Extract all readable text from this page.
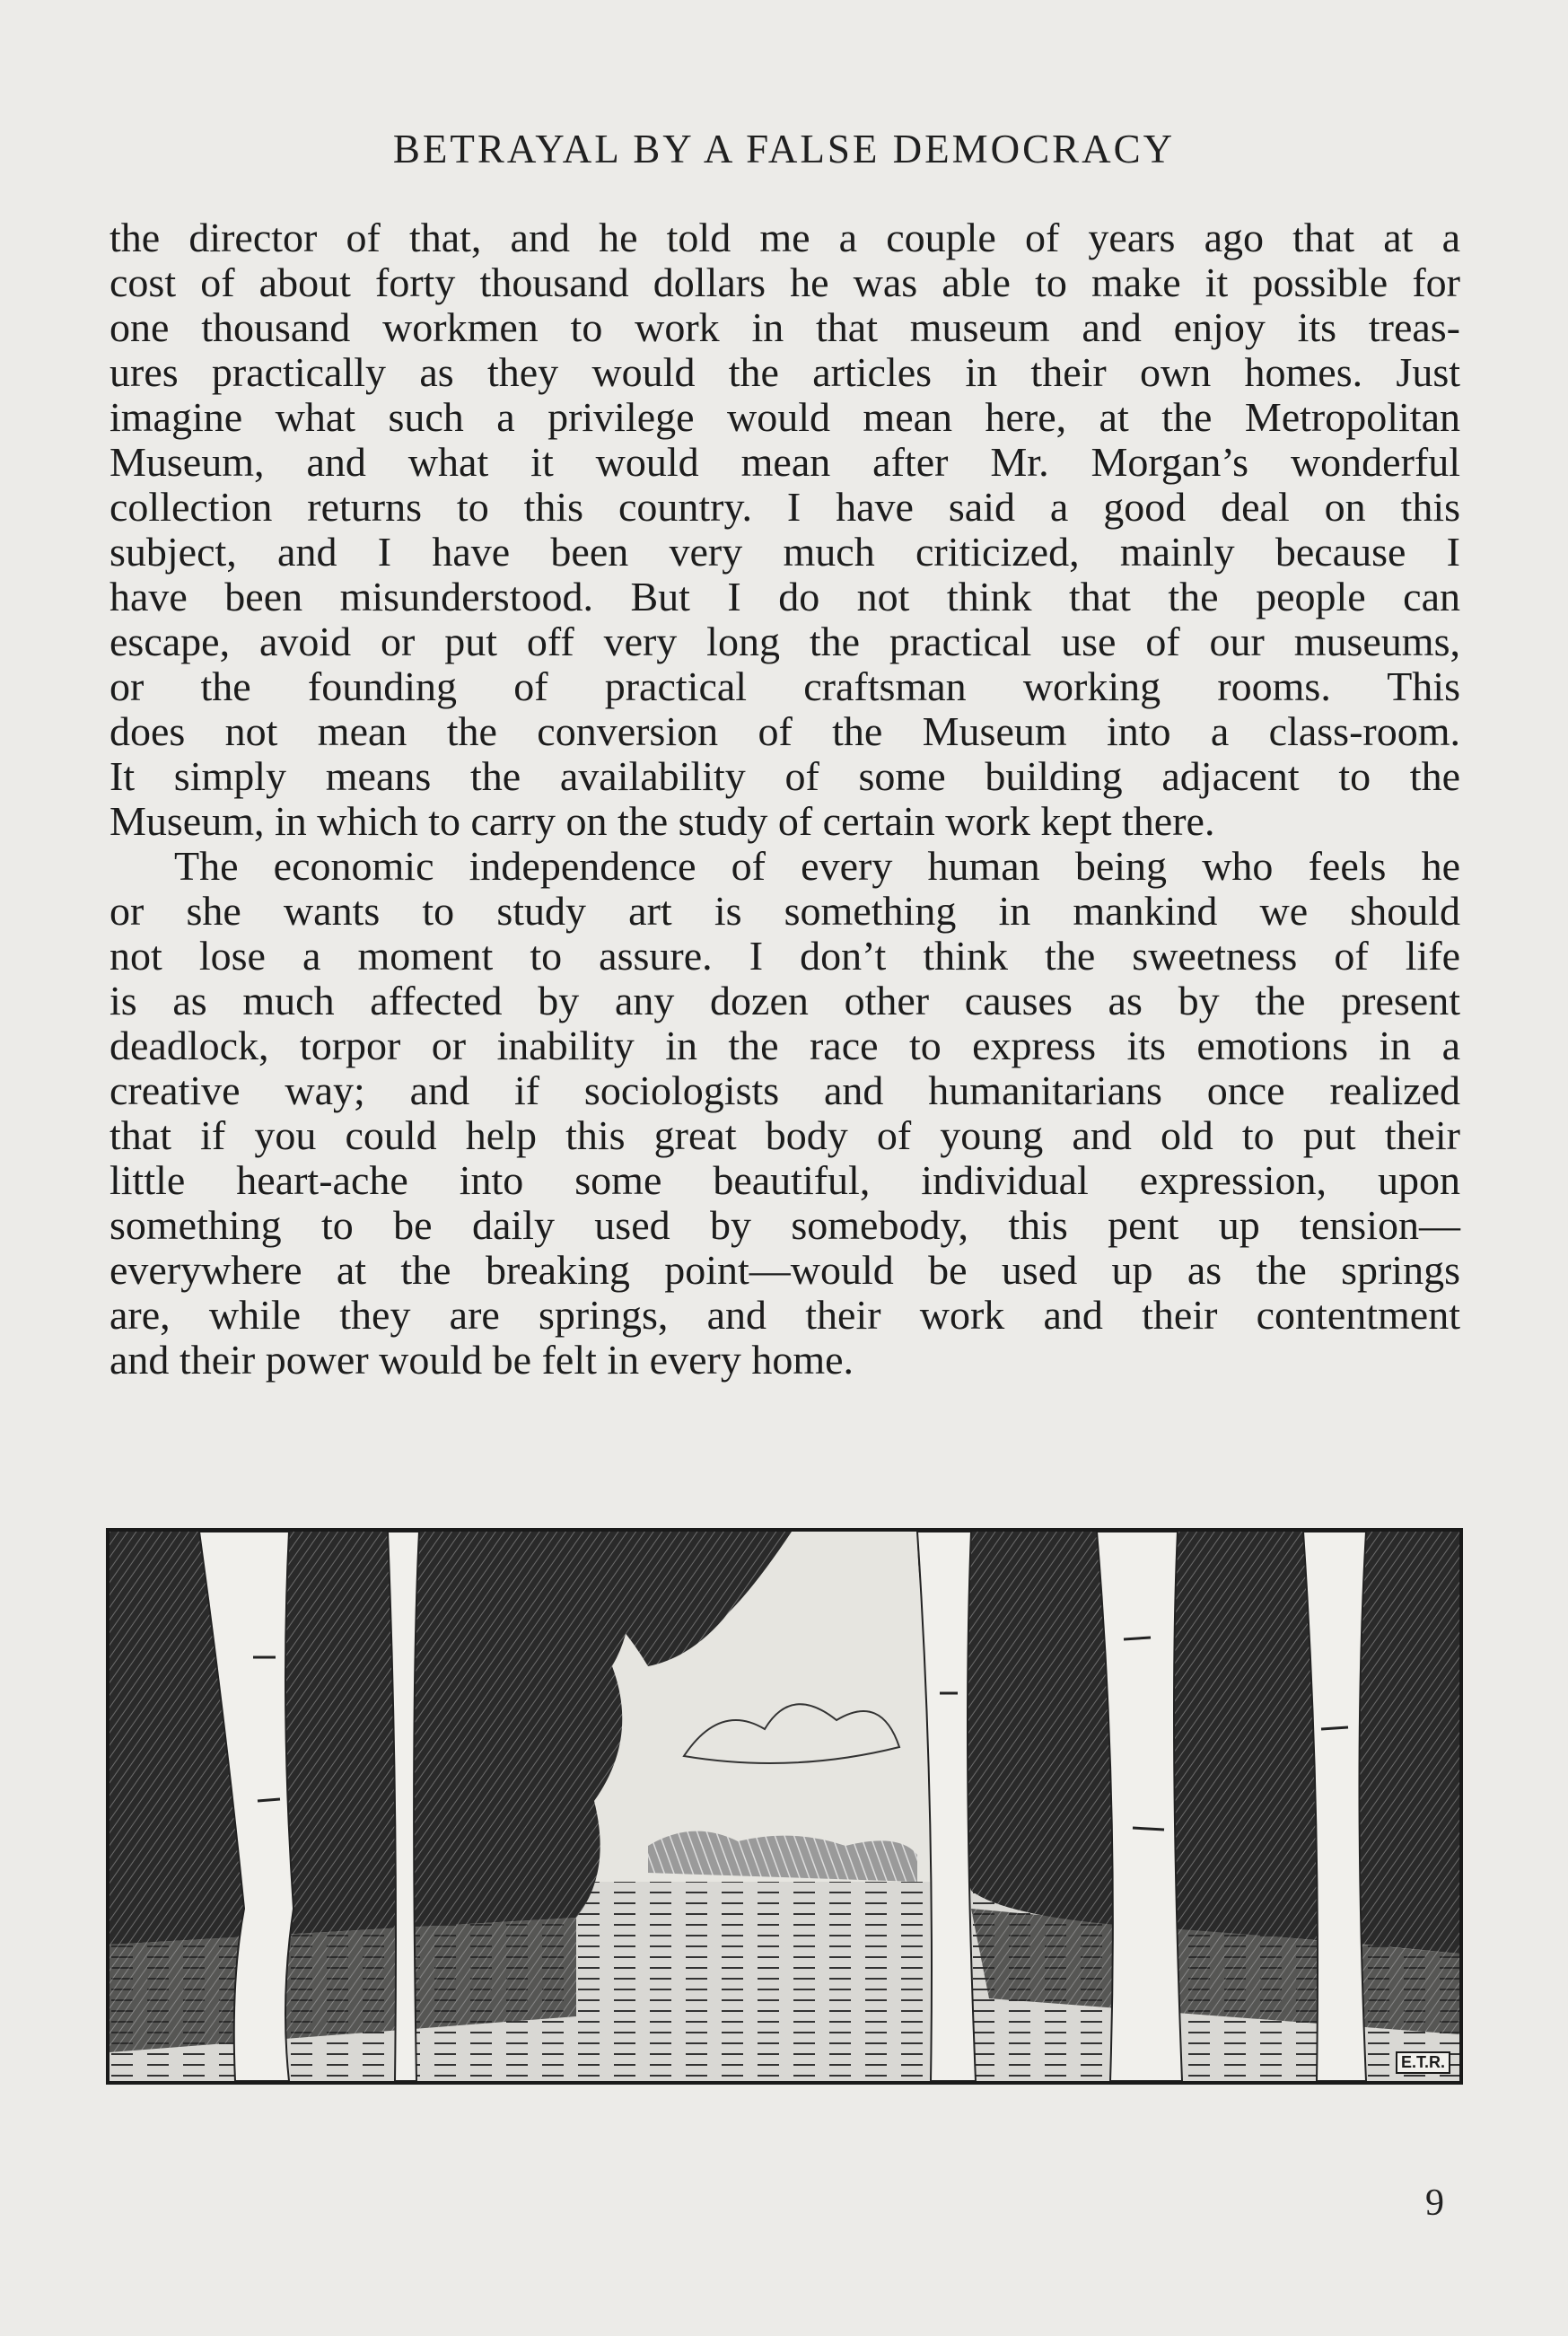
BETRAYAL BY A FALSE DEMOCRACY
the director of that, and he told me a couple of years ago that at a
cost of about forty thousand dollars he was able to make it possible for
one thousand workmen to work in that museum and enjoy its treas-
ures practically as they would the articles in their own homes. Just
imagine what such a privilege would mean here, at the Metropolitan
Museum, and what it would mean after Mr. Morgan’s wonderful
collection returns to this country. I have said a good deal on this
subject, and I have been very much criticized, mainly because I
have been misunderstood. But I do not think that the people can
escape, avoid or put off very long the practical use of our museums,
or the founding of practical craftsman working rooms. This
does not mean the conversion of the Museum into a class-room.
It simply means the availability of some building adjacent to the
Museum, in which to carry on the study of certain work kept there.
The economic independence of every human being who feels he
or she wants to study art is something in mankind we should
not lose a moment to assure. I don’t think the sweetness of life
is as much affected by any dozen other causes as by the present
deadlock, torpor or inability in the race to express its emotions in a
creative way; and if sociologists and humanitarians once realized
that if you could help this great body of young and old to put their
little heart-ache into some beautiful, individual expression, upon
something to be daily used by somebody, this pent up tension—
everywhere at the breaking point—would be used up as the springs
are, while they are springs, and their work and their contentment
and their power would be felt in every home.
E.T.R.
9
